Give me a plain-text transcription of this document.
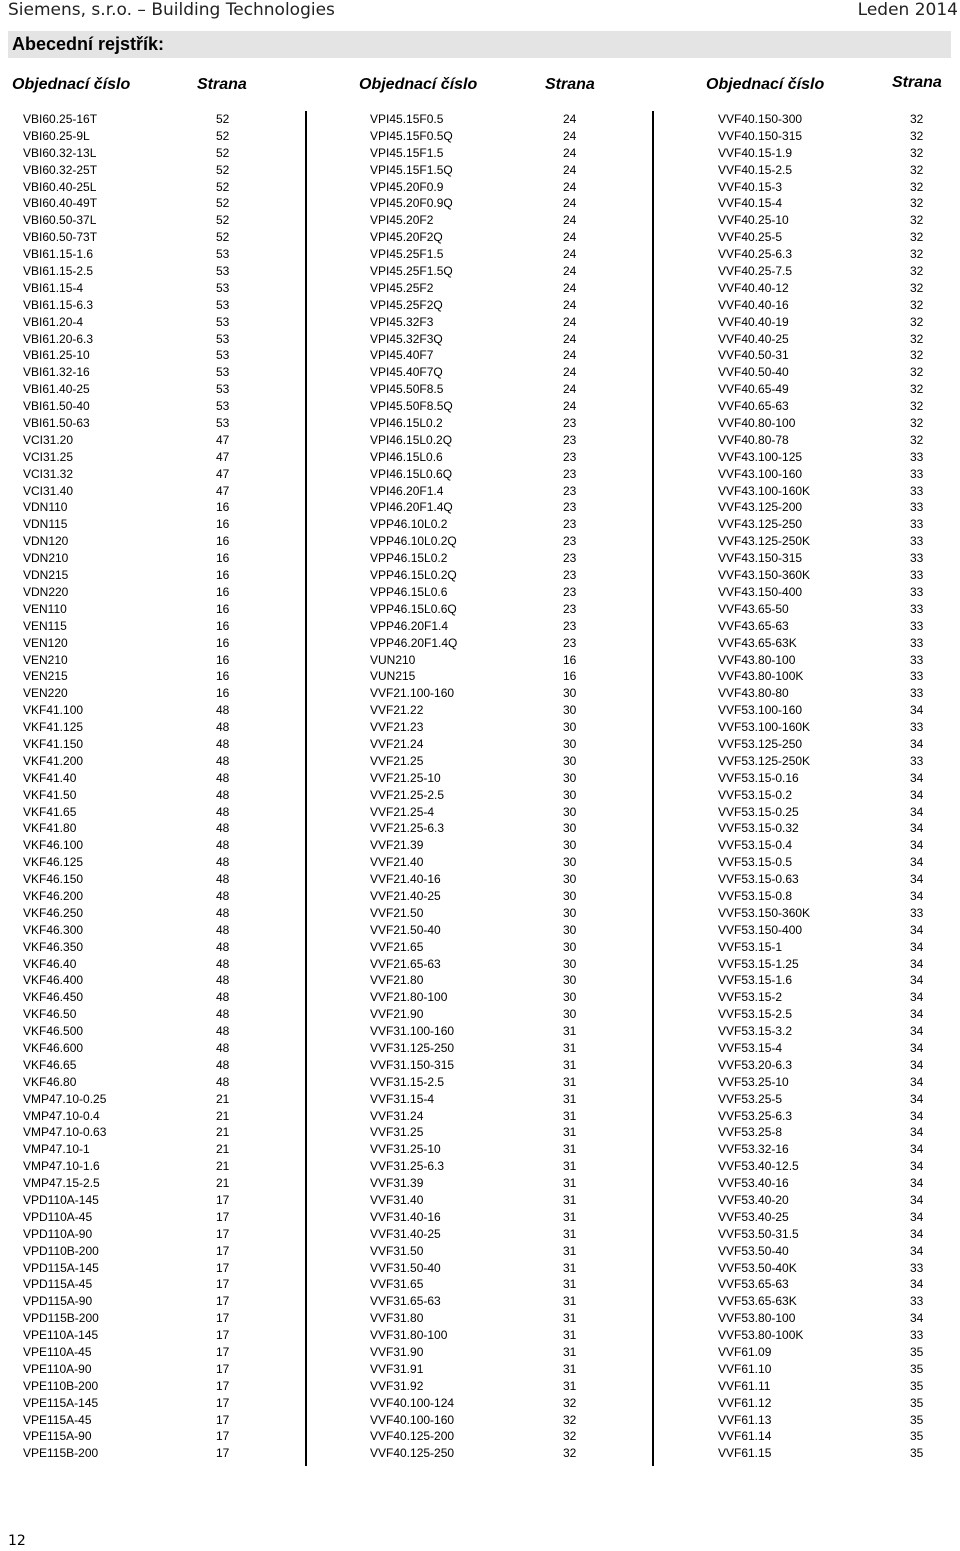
Siemens, s.r.o. – Building Technologies	Leden 2014
Abecední rejstřík:
Objednací číslo	Strana	Objednací číslo	Strana	Objednací číslo	Strana
VBI60.25-16T	52
VBI60.25-9L	52
VBI60.32-13L	52
VBI60.32-25T	52
VBI60.40-25L	52
VBI60.40-49T	52
VBI60.50-37L	52
VBI60.50-73T	52
VBI61.15-1.6	53
VBI61.15-2.5	53
VBI61.15-4	53
VBI61.15-6.3	53
VBI61.20-4	53
VBI61.20-6.3	53
VBI61.25-10	53
VBI61.32-16	53
VBI61.40-25	53
VBI61.50-40	53
VBI61.50-63	53
VCI31.20	47
VCI31.25	47
VCI31.32	47
VCI31.40	47
VDN110	16
VDN115	16
VDN120	16
VDN210	16
VDN215	16
VDN220	16
VEN110	16
VEN115	16
VEN120	16
VEN210	16
VEN215	16
VEN220	16
VKF41.100	48
VKF41.125	48
VKF41.150	48
VKF41.200	48
VKF41.40	48
VKF41.50	48
VKF41.65	48
VKF41.80	48
VKF46.100	48
VKF46.125	48
VKF46.150	48
VKF46.200	48
VKF46.250	48
VKF46.300	48
VKF46.350	48
VKF46.40	48
VKF46.400	48
VKF46.450	48
VKF46.50	48
VKF46.500	48
VKF46.600	48
VKF46.65	48
VKF46.80	48
VMP47.10-0.25	21
VMP47.10-0.4	21
VMP47.10-0.63	21
VMP47.10-1	21
VMP47.10-1.6	21
VMP47.15-2.5	21
VPD110A-145	17
VPD110A-45	17
VPD110A-90	17
VPD110B-200	17
VPD115A-145	17
VPD115A-45	17
VPD115A-90	17
VPD115B-200	17
VPE110A-145	17
VPE110A-45	17
VPE110A-90	17
VPE110B-200	17
VPE115A-145	17
VPE115A-45	17
VPE115A-90	17
VPE115B-200	17
VPI45.15F0.5	24
VPI45.15F0.5Q	24
VPI45.15F1.5	24
VPI45.15F1.5Q	24
VPI45.20F0.9	24
VPI45.20F0.9Q	24
VPI45.20F2	24
VPI45.20F2Q	24
VPI45.25F1.5	24
VPI45.25F1.5Q	24
VPI45.25F2	24
VPI45.25F2Q	24
VPI45.32F3	24
VPI45.32F3Q	24
VPI45.40F7	24
VPI45.40F7Q	24
VPI45.50F8.5	24
VPI45.50F8.5Q	24
VPI46.15L0.2	23
VPI46.15L0.2Q	23
VPI46.15L0.6	23
VPI46.15L0.6Q	23
VPI46.20F1.4	23
VPI46.20F1.4Q	23
VPP46.10L0.2	23
VPP46.10L0.2Q	23
VPP46.15L0.2	23
VPP46.15L0.2Q	23
VPP46.15L0.6	23
VPP46.15L0.6Q	23
VPP46.20F1.4	23
VPP46.20F1.4Q	23
VUN210	16
VUN215	16
VVF21.100-160	30
VVF21.22	30
VVF21.23	30
VVF21.24	30
VVF21.25	30
VVF21.25-10	30
VVF21.25-2.5	30
VVF21.25-4	30
VVF21.25-6.3	30
VVF21.39	30
VVF21.40	30
VVF21.40-16	30
VVF21.40-25	30
VVF21.50	30
VVF21.50-40	30
VVF21.65	30
VVF21.65-63	30
VVF21.80	30
VVF21.80-100	30
VVF21.90	30
VVF31.100-160	31
VVF31.125-250	31
VVF31.150-315	31
VVF31.15-2.5	31
VVF31.15-4	31
VVF31.24	31
VVF31.25	31
VVF31.25-10	31
VVF31.25-6.3	31
VVF31.39	31
VVF31.40	31
VVF31.40-16	31
VVF31.40-25	31
VVF31.50	31
VVF31.50-40	31
VVF31.65	31
VVF31.65-63	31
VVF31.80	31
VVF31.80-100	31
VVF31.90	31
VVF31.91	31
VVF31.92	31
VVF40.100-124	32
VVF40.100-160	32
VVF40.125-200	32
VVF40.125-250	32
VVF40.150-300	32
VVF40.150-315	32
VVF40.15-1.9	32
VVF40.15-2.5	32
VVF40.15-3	32
VVF40.15-4	32
VVF40.25-10	32
VVF40.25-5	32
VVF40.25-6.3	32
VVF40.25-7.5	32
VVF40.40-12	32
VVF40.40-16	32
VVF40.40-19	32
VVF40.40-25	32
VVF40.50-31	32
VVF40.50-40	32
VVF40.65-49	32
VVF40.65-63	32
VVF40.80-100	32
VVF40.80-78	32
VVF43.100-125	33
VVF43.100-160	33
VVF43.100-160K	33
VVF43.125-200	33
VVF43.125-250	33
VVF43.125-250K	33
VVF43.150-315	33
VVF43.150-360K	33
VVF43.150-400	33
VVF43.65-50	33
VVF43.65-63	33
VVF43.65-63K	33
VVF43.80-100	33
VVF43.80-100K	33
VVF43.80-80	33
VVF53.100-160	34
VVF53.100-160K	33
VVF53.125-250	34
VVF53.125-250K	33
VVF53.15-0.16	34
VVF53.15-0.2	34
VVF53.15-0.25	34
VVF53.15-0.32	34
VVF53.15-0.4	34
VVF53.15-0.5	34
VVF53.15-0.63	34
VVF53.15-0.8	34
VVF53.150-360K	33
VVF53.150-400	34
VVF53.15-1	34
VVF53.15-1.25	34
VVF53.15-1.6	34
VVF53.15-2	34
VVF53.15-2.5	34
VVF53.15-3.2	34
VVF53.15-4	34
VVF53.20-6.3	34
VVF53.25-10	34
VVF53.25-5	34
VVF53.25-6.3	34
VVF53.25-8	34
VVF53.32-16	34
VVF53.40-12.5	34
VVF53.40-16	34
VVF53.40-20	34
VVF53.40-25	34
VVF53.50-31.5	34
VVF53.50-40	34
VVF53.50-40K	33
VVF53.65-63	34
VVF53.65-63K	33
VVF53.80-100	34
VVF53.80-100K	33
VVF61.09	35
VVF61.10	35
VVF61.11	35
VVF61.12	35
VVF61.13	35
VVF61.14	35
VVF61.15	35
12
